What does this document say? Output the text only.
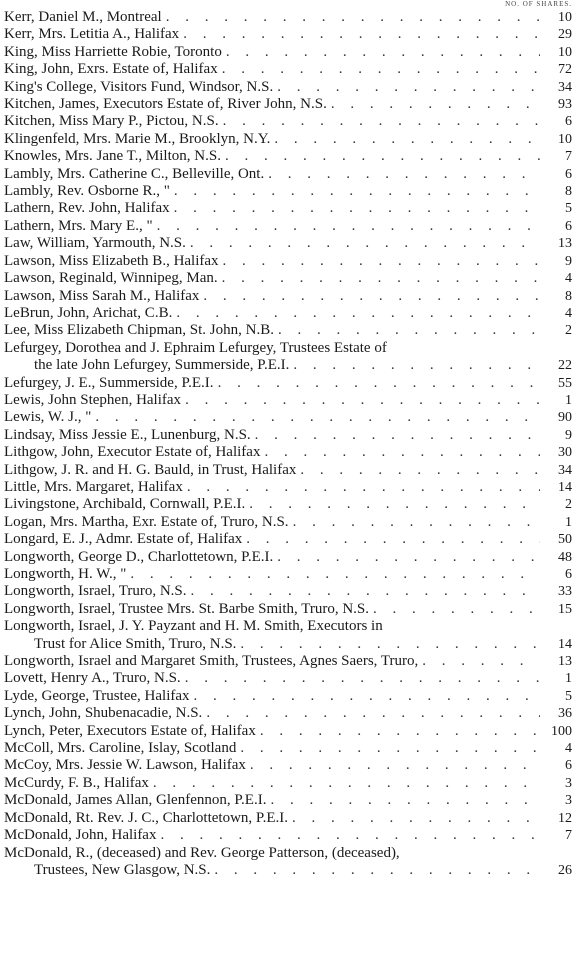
NO. OF SHARES.
Kerr, Daniel M., Montreal . . .	10
Kerr, Mrs. Letitia A., Halifax . . .	29
King, Miss Harriette Robie, Toronto . . .	10
King, John, Exrs. Estate of, Halifax . . .	72
King's College, Visitors Fund, Windsor, N.S. . . .	34
Kitchen, James, Executors Estate of, River John, N.S. . . .	93
Kitchen, Miss Mary P., Pictou, N.S. . . .	6
Klingenfeld, Mrs. Marie M., Brooklyn, N.Y. . . .	10
Knowles, Mrs. Jane T., Milton, N.S. . . .	7
Lambly, Mrs. Catherine C., Belleville, Ont. . . .	6
Lambly, Rev. Osborne R., " . . .	8
Lathern, Rev. John, Halifax . . .	5
Lathern, Mrs. Mary E., " . . .	6
Law, William, Yarmouth, N.S. . . .	13
Lawson, Miss Elizabeth B., Halifax . . .	9
Lawson, Reginald, Winnipeg, Man. . . .	4
Lawson, Miss Sarah M., Halifax . . .	8
LeBrun, John, Arichat, C.B. . . .	4
Lee, Miss Elizabeth Chipman, St. John, N.B. . . .	2
Lefurgey, Dorothea and J. Ephraim Lefurgey, Trustees Estate of
the late John Lefurgey, Summerside, P.E.I. . . .	22
Lefurgey, J. E., Summerside, P.E.I. . . .	55
Lewis, John Stephen, Halifax . . .	1
Lewis, W. J., " . . .	90
Lindsay, Miss Jessie E., Lunenburg, N.S. . . .	9
Lithgow, John, Executor Estate of, Halifax . . .	30
Lithgow, J. R. and H. G. Bauld, in Trust, Halifax . . .	34
Little, Mrs. Margaret, Halifax . . .	14
Livingstone, Archibald, Cornwall, P.E.I. . . .	2
Logan, Mrs. Martha, Exr. Estate of, Truro, N.S. . . .	1
Longard, E. J., Admr. Estate of, Halifax . . .	50
Longworth, George D., Charlottetown, P.E.I. . . .	48
Longworth, H. W., " . . .	6
Longworth, Israel, Truro, N.S. . . .	33
Longworth, Israel, Trustee Mrs. St. Barbe Smith, Truro, N.S. . . .	15
Longworth, Israel, J. Y. Payzant and H. M. Smith, Executors in
Trust for Alice Smith, Truro, N.S. . . .	14
Longworth, Israel and Margaret Smith, Trustees, Agnes Saers, Truro, . . .	13
Lovett, Henry A., Truro, N.S. . . .	1
Lyde, George, Trustee, Halifax . . .	5
Lynch, John, Shubenacadie, N.S. . . .	36
Lynch, Peter, Executors Estate of, Halifax . . .	100
McColl, Mrs. Caroline, Islay, Scotland . . .	4
McCoy, Mrs. Jessie W. Lawson, Halifax . . .	6
McCurdy, F. B., Halifax . . .	3
McDonald, James Allan, Glenfennon, P.E.I. . . .	3
McDonald, Rt. Rev. J. C., Charlottetown, P.E.I. . . .	12
McDonald, John, Halifax . . .	7
McDonald, R., (deceased) and Rev. George Patterson, (deceased),
Trustees, New Glasgow, N.S. . . .	26
